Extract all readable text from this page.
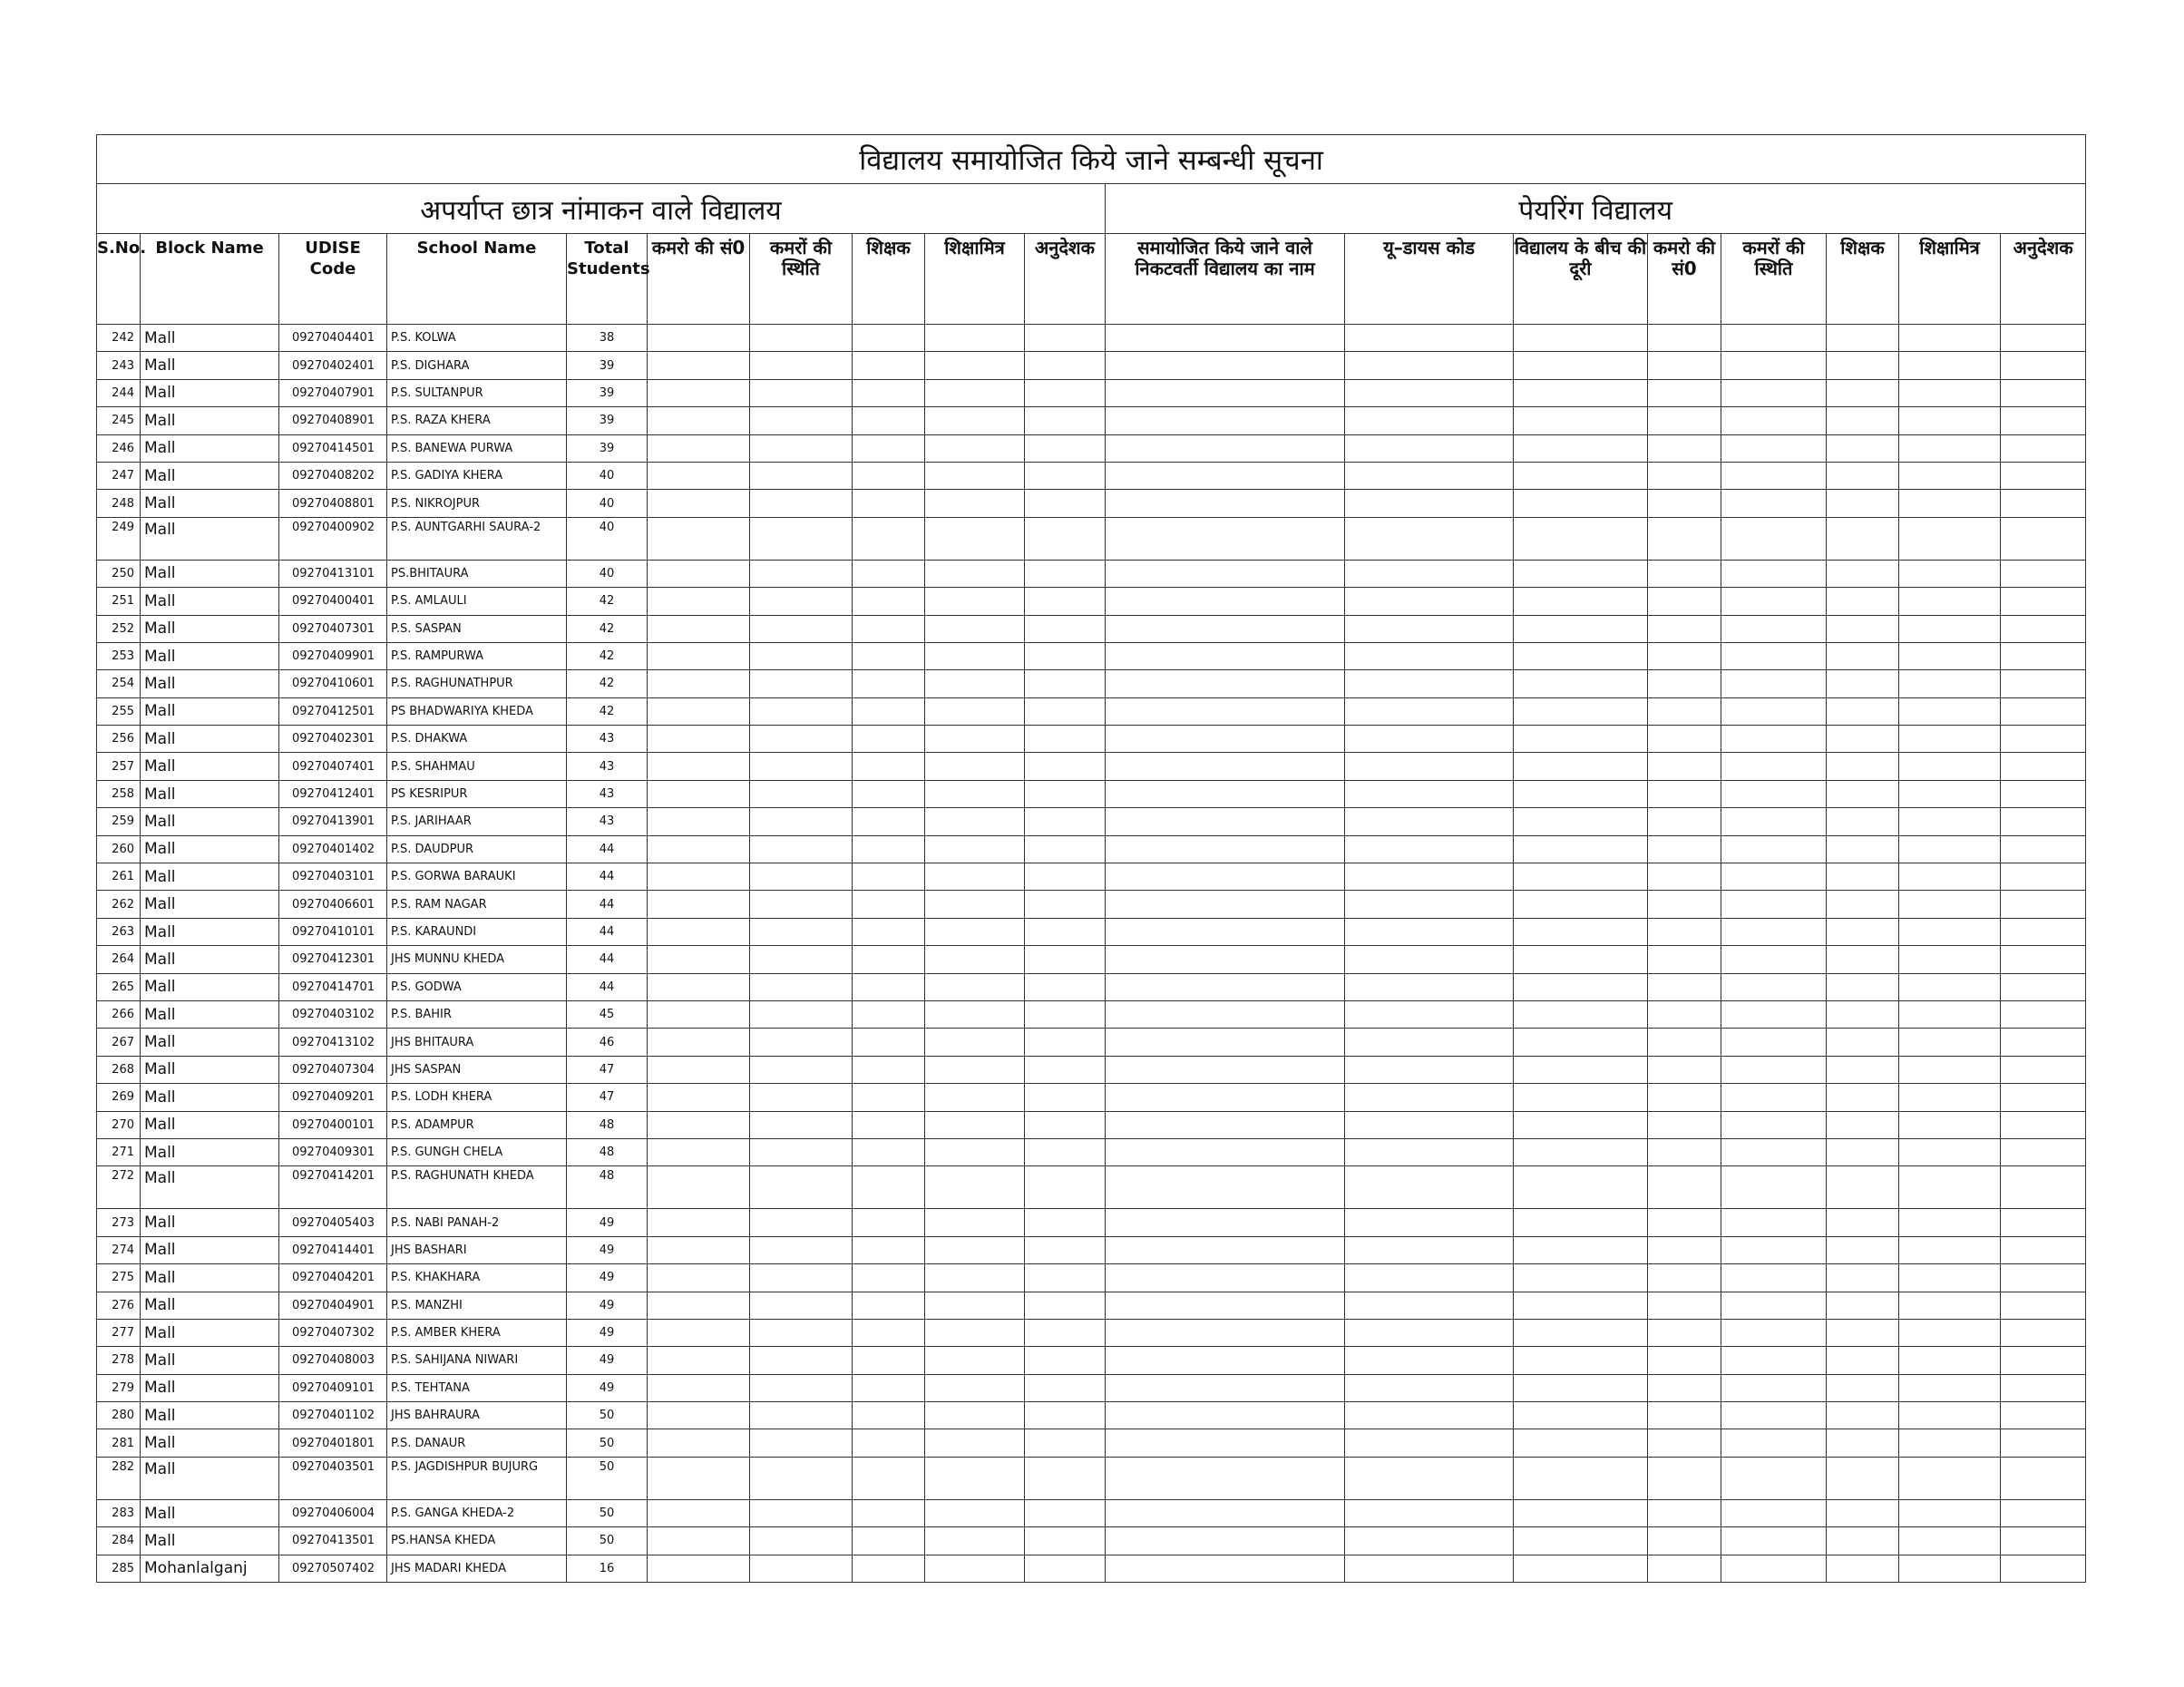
विद्यालय समायोजित किये जाने सम्बन्धी सूचना																	
अपर्याप्त छात्र नांमाकन वाले विद्यालय										पेयरिंग विद्यालय							
S.No.	Block Name	UDISE Code	School Name	Total Students	कमरो की सं0	कमरों की स्थिति	शिक्षक	शिक्षामित्र	अनुदेशक	समायोजित किये जाने वाले निकटवर्ती विद्यालय का नाम	यू–डायस कोड	विद्यालय के बीच की दूरी	कमरो की सं0	कमरों की स्थिति	शिक्षक	शिक्षामित्र	अनुदेशक
242	Mall	09270404401	P.S. KOLWA	38													
243	Mall	09270402401	P.S. DIGHARA	39													
244	Mall	09270407901	P.S. SULTANPUR	39													
245	Mall	09270408901	P.S. RAZA KHERA	39													
246	Mall	09270414501	P.S. BANEWA PURWA	39													
247	Mall	09270408202	P.S. GADIYA KHERA	40													
248	Mall	09270408801	P.S. NIKROJPUR	40													
249	Mall	09270400902	P.S. AUNTGARHI SAURA-2	40													
250	Mall	09270413101	PS.BHITAURA	40													
251	Mall	09270400401	P.S. AMLAULI	42													
252	Mall	09270407301	P.S. SASPAN	42													
253	Mall	09270409901	P.S. RAMPURWA	42													
254	Mall	09270410601	P.S. RAGHUNATHPUR	42													
255	Mall	09270412501	PS BHADWARIYA KHEDA	42													
256	Mall	09270402301	P.S. DHAKWA	43													
257	Mall	09270407401	P.S. SHAHMAU	43													
258	Mall	09270412401	PS KESRIPUR	43													
259	Mall	09270413901	P.S. JARIHAAR	43													
260	Mall	09270401402	P.S. DAUDPUR	44													
261	Mall	09270403101	P.S. GORWA BARAUKI	44													
262	Mall	09270406601	P.S. RAM NAGAR	44													
263	Mall	09270410101	P.S. KARAUNDI	44													
264	Mall	09270412301	JHS MUNNU KHEDA	44													
265	Mall	09270414701	P.S. GODWA	44													
266	Mall	09270403102	P.S. BAHIR	45													
267	Mall	09270413102	JHS BHITAURA	46													
268	Mall	09270407304	JHS SASPAN	47													
269	Mall	09270409201	P.S. LODH KHERA	47													
270	Mall	09270400101	P.S. ADAMPUR	48													
271	Mall	09270409301	P.S. GUNGH CHELA	48													
272	Mall	09270414201	P.S. RAGHUNATH KHEDA	48													
273	Mall	09270405403	P.S. NABI PANAH-2	49													
274	Mall	09270414401	JHS BASHARI	49													
275	Mall	09270404201	P.S. KHAKHARA	49													
276	Mall	09270404901	P.S. MANZHI	49													
277	Mall	09270407302	P.S. AMBER KHERA	49													
278	Mall	09270408003	P.S. SAHIJANA NIWARI	49													
279	Mall	09270409101	P.S. TEHTANA	49													
280	Mall	09270401102	JHS BAHRAURA	50													
281	Mall	09270401801	P.S. DANAUR	50													
282	Mall	09270403501	P.S. JAGDISHPUR BUJURG	50													
283	Mall	09270406004	P.S. GANGA KHEDA-2	50													
284	Mall	09270413501	PS.HANSA KHEDA	50													
285	Mohanlalganj	09270507402	JHS MADARI KHEDA	16													
